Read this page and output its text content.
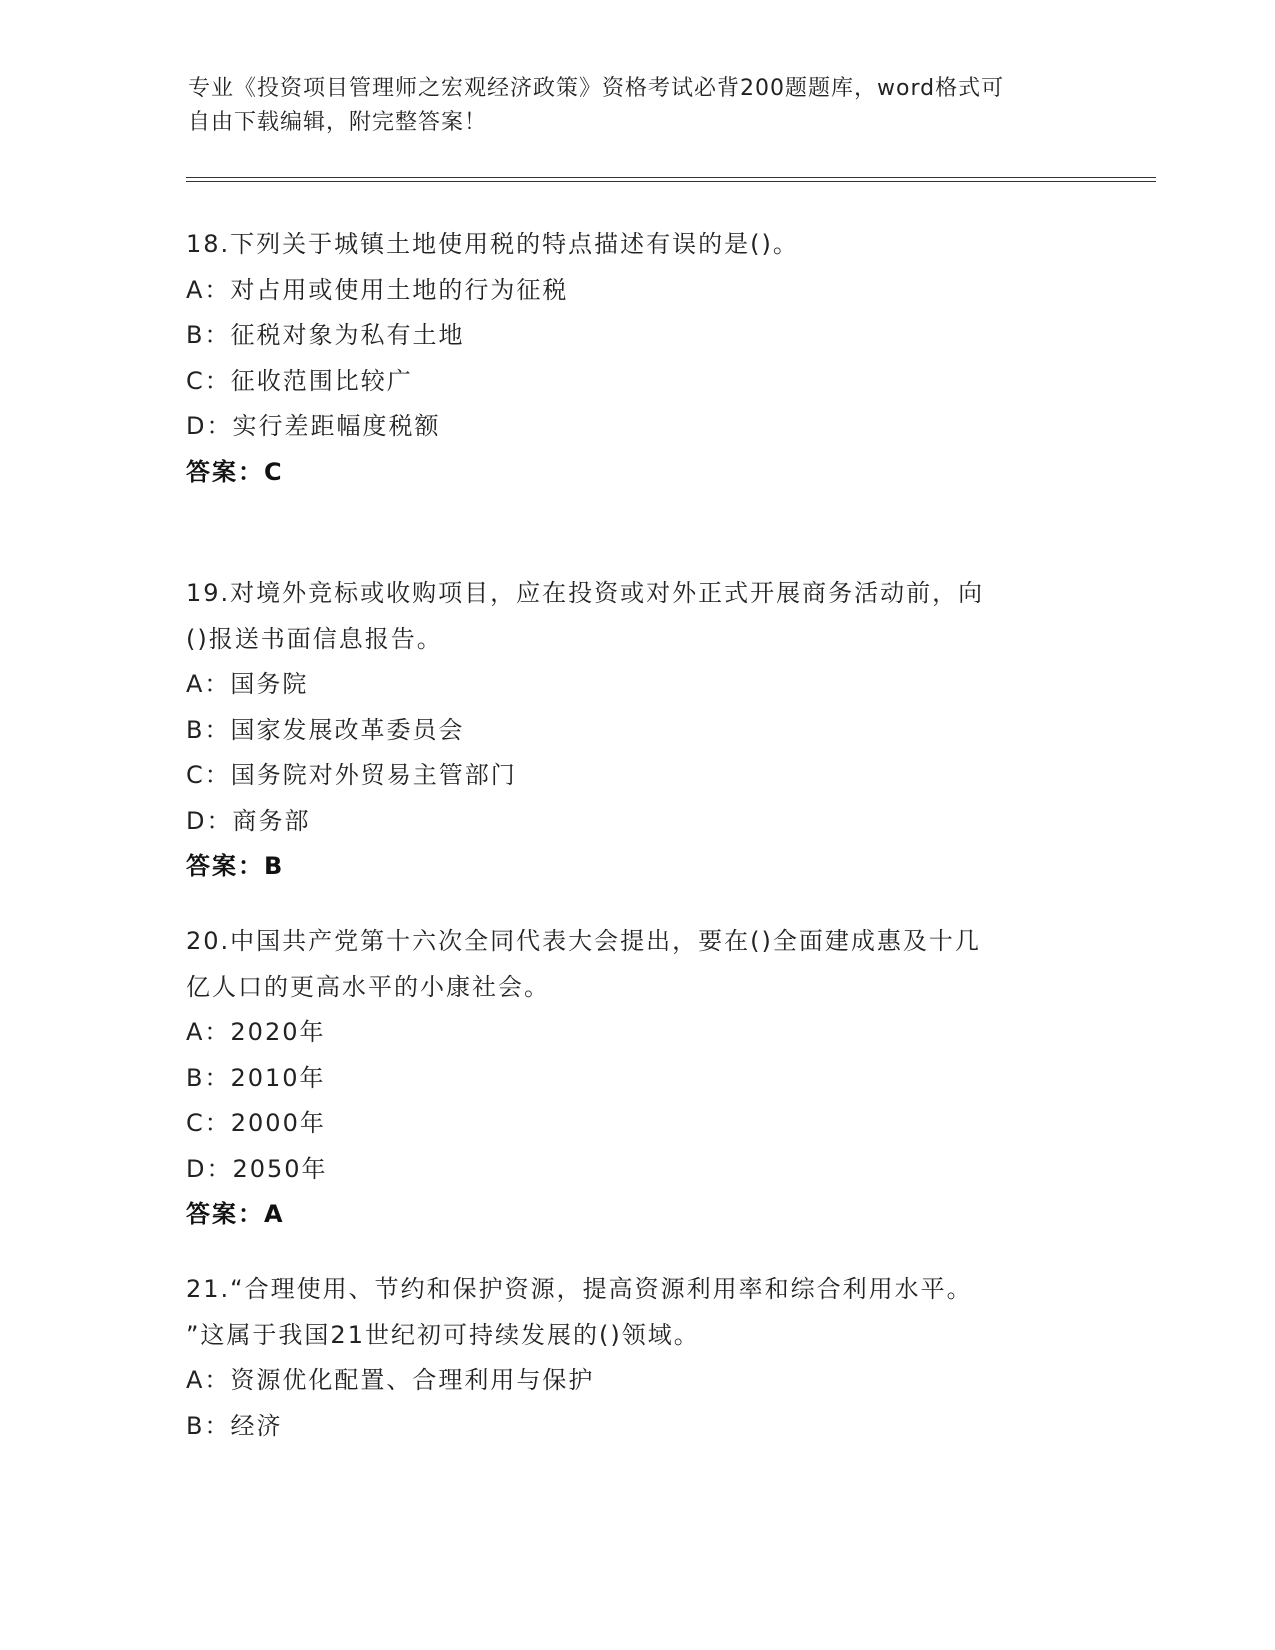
专业《投资项目管理师之宏观经济政策》资格考试必背200题题库，word格式可
自由下载编辑，附完整答案！
18.下列关于城镇土地使用税的特点描述有误的是()。
A：对占用或使用土地的行为征税
B：征税对象为私有土地
C：征收范围比较广
D：实行差距幅度税额
答案：C
19.对境外竞标或收购项目，应在投资或对外正式开展商务活动前，向
()报送书面信息报告。
A：国务院
B：国家发展改革委员会
C：国务院对外贸易主管部门
D：商务部
答案：B
20.中国共产党第十六次全同代表大会提出，要在()全面建成惠及十几
亿人口的更高水平的小康社会。
A：2020年
B：2010年
C：2000年
D：2050年
答案：A
21.“合理使用、节约和保护资源，提高资源利用率和综合利用水平。
”这属于我国21世纪初可持续发展的()领域。
A：资源优化配置、合理利用与保护
B：经济
